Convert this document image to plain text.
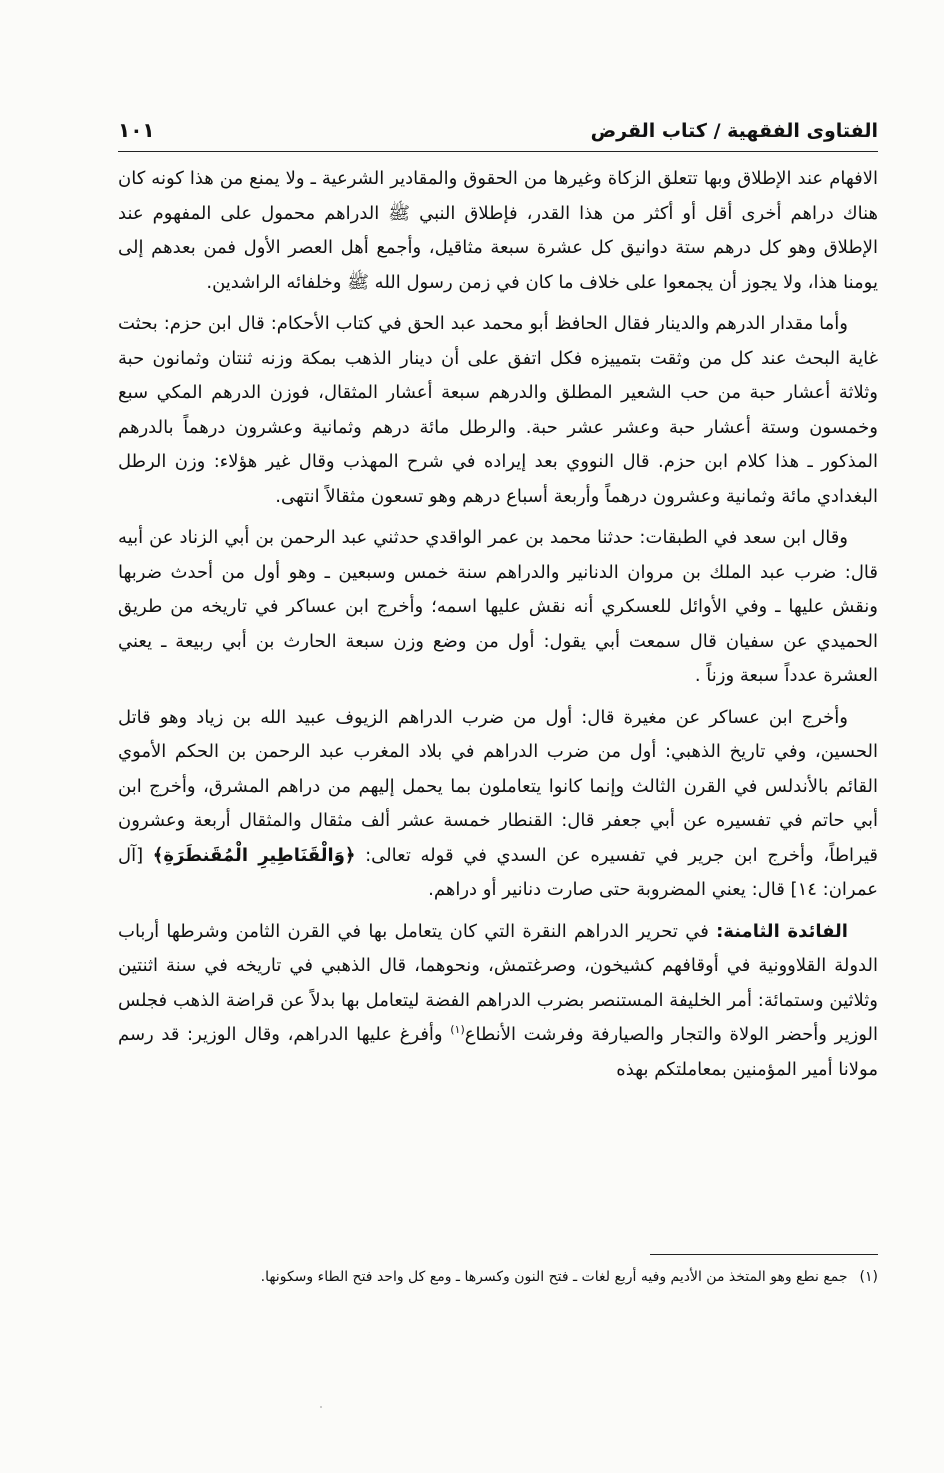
الفتاوى الفقهية / كتاب القرض
١٠١

الافهام عند الإطلاق وبها تتعلق الزكاة وغيرها من الحقوق والمقادير الشرعية ـ ولا يمنع من هذا كونه كان هناك دراهم أخرى أقل أو أكثر من هذا القدر، فإطلاق النبي ﷺ الدراهم محمول على المفهوم عند الإطلاق وهو كل درهم ستة دوانيق كل عشرة سبعة مثاقيل، وأجمع أهل العصر الأول فمن بعدهم إلى يومنا هذا، ولا يجوز أن يجمعوا على خلاف ما كان في زمن رسول الله ﷺ وخلفائه الراشدين.

وأما مقدار الدرهم والدينار فقال الحافظ أبو محمد عبد الحق في كتاب الأحكام: قال ابن حزم: بحثت غاية البحث عند كل من وثقت بتمييزه فكل اتفق على أن دينار الذهب بمكة وزنه ثنتان وثمانون حبة وثلاثة أعشار حبة من حب الشعير المطلق والدرهم سبعة أعشار المثقال، فوزن الدرهم المكي سبع وخمسون وستة أعشار حبة وعشر عشر حبة. والرطل مائة درهم وثمانية وعشرون درهماً بالدرهم المذكور ـ هذا كلام ابن حزم. قال النووي بعد إيراده في شرح المهذب وقال غير هؤلاء: وزن الرطل البغدادي مائة وثمانية وعشرون درهماً وأربعة أسباع درهم وهو تسعون مثقالاً انتهى.

وقال ابن سعد في الطبقات: حدثنا محمد بن عمر الواقدي حدثني عبد الرحمن بن أبي الزناد عن أبيه قال: ضرب عبد الملك بن مروان الدنانير والدراهم سنة خمس وسبعين ـ وهو أول من أحدث ضربها ونقش عليها ـ وفي الأوائل للعسكري أنه نقش عليها اسمه؛ وأخرج ابن عساكر في تاريخه من طريق الحميدي عن سفيان قال سمعت أبي يقول: أول من وضع وزن سبعة الحارث بن أبي ربيعة ـ يعني العشرة عدداً سبعة وزناً .

وأخرج ابن عساكر عن مغيرة قال: أول من ضرب الدراهم الزيوف عبيد الله بن زياد وهو قاتل الحسين، وفي تاريخ الذهبي: أول من ضرب الدراهم في بلاد المغرب عبد الرحمن بن الحكم الأموي القائم بالأندلس في القرن الثالث وإنما كانوا يتعاملون بما يحمل إليهم من دراهم المشرق، وأخرج ابن أبي حاتم في تفسيره عن أبي جعفر قال: القنطار خمسة عشر ألف مثقال والمثقال أربعة وعشرون قيراطاً، وأخرج ابن جرير في تفسيره عن السدي في قوله تعالى: ﴿وَالْقَنَاطِيرِ الْمُقَنطَرَةِ﴾ [آل عمران: ١٤] قال: يعني المضروبة حتى صارت دنانير أو دراهم.

الفائدة الثامنة: في تحرير الدراهم النقرة التي كان يتعامل بها في القرن الثامن وشرطها أرباب الدولة القلاوونية في أوقافهم كشيخون، وصرغتمش، ونحوهما، قال الذهبي في تاريخه في سنة اثنتين وثلاثين وستمائة: أمر الخليفة المستنصر بضرب الدراهم الفضة ليتعامل بها بدلاً عن قراضة الذهب فجلس الوزير وأحضر الولاة والتجار والصيارفة وفرشت الأنطاع$^{(١)}$ وأفرغ عليها الدراهم، وقال الوزير: قد رسم مولانا أمير المؤمنين بمعاملتكم بهذه

(١)جمع نطع وهو المتخذ من الأديم وفيه أربع لغات ـ فتح النون وكسرها ـ ومع كل واحد فتح الطاء وسكونها.
